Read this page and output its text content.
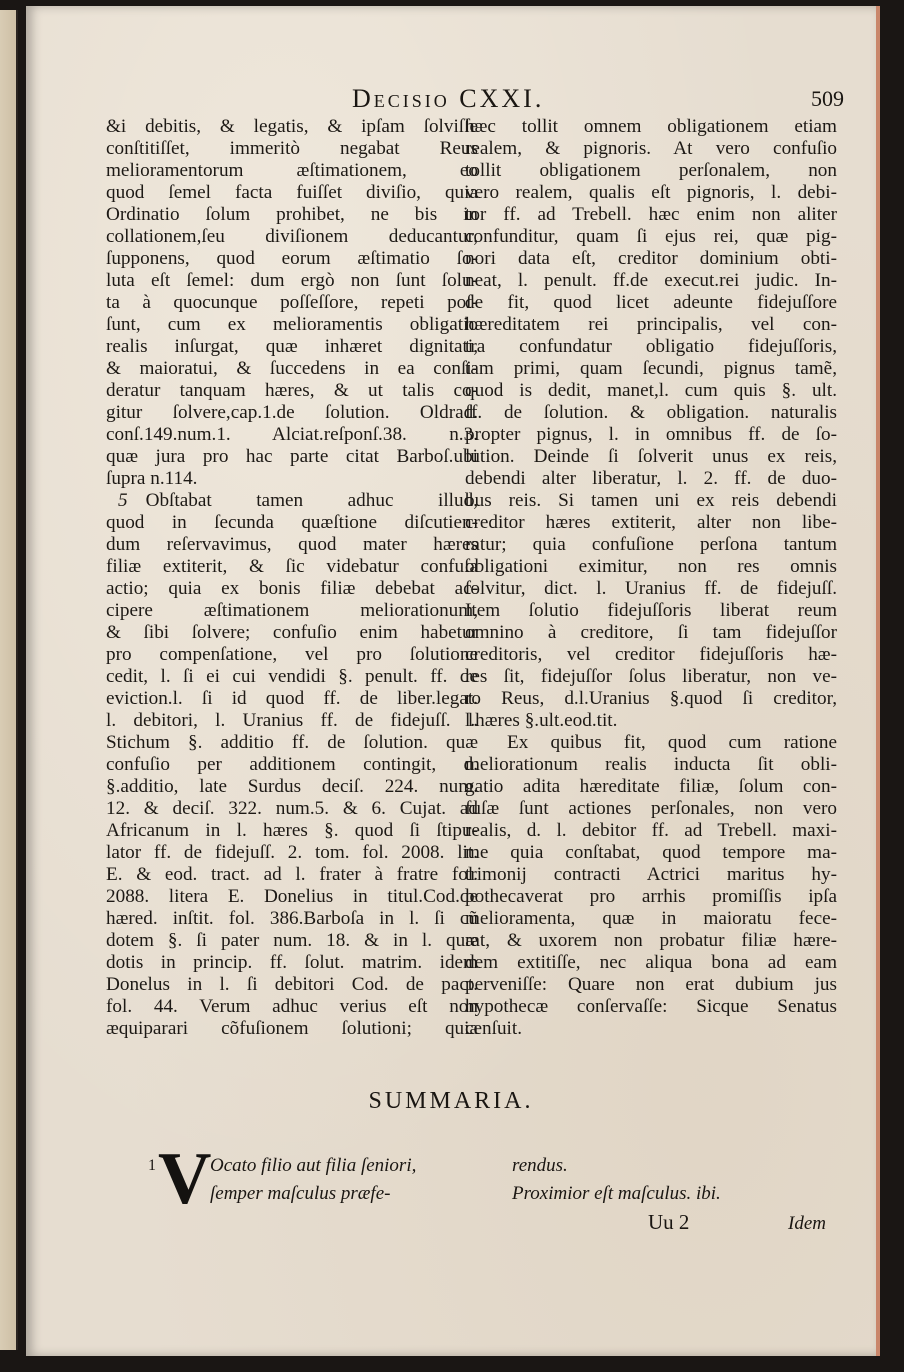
Decisio CXXI.	509
&i debitis, & legatis, & ipſam ſolviſſe
conſtitiſſet, immeritò negabat Reus
melioramentorum æſtimationem, eo
quod ſemel facta fuiſſet diviſio, quia
Ordinatio ſolum prohibet, ne bis in
collationem,ſeu diviſionem deducantur,
ſupponens, quod eorum æſtimatio ſo-
luta eſt ſemel: dum ergò non ſunt ſolu-
ta à quocunque poſſeſſore, repeti poſ-
ſunt, cum ex melioramentis obligatio
realis inſurgat, quæ inhæret dignitati,
& maioratui, & ſuccedens in ea conſi-
deratur tanquam hæres, & ut talis co-
gitur ſolvere,cap.1.de ſolution. Oldrad.
conſ.149.num.1. Alciat.reſponſ.38. n.3.
quæ jura pro hac parte citat Barboſ.ubi
ſupra n.114.
5 Obſtabat tamen adhuc illud,
quod in ſecunda quæſtione diſcutien-
dum reſervavimus, quod mater hæres
filiæ extiterit, & ſic videbatur confuſa
actio; quia ex bonis filiæ debebat ac-
cipere æſtimationem meliorationum,
& ſibi ſolvere; confuſio enim habetur
pro compenſatione, vel pro ſolutione
cedit, l. ſi ei cui vendidi §. penult. ff. de
eviction.l. ſi id quod ff. de liber.legat.
l. debitori, l. Uranius ff. de fidejuſſ. l.
Stichum §. additio ff. de ſolution. quæ
confuſio per additionem contingit, d.
§.additio, late Surdus deciſ. 224. num.
12. & deciſ. 322. num.5. & 6. Cujat. ad
Africanum in l. hæres §. quod ſi ſtipu-
lator ff. de fidejuſſ. 2. tom. fol. 2008. lit.
E. & eod. tract. ad l. frater à fratre fol.
2088. litera E. Donelius in titul.Cod.de
hæred. inſtit. fol. 386.Barboſa in l. ſi cũ
dotem §. ſi pater num. 18. & in l. quæ
dotis in princip. ff. ſolut. matrim. idem
Donelus in l. ſi debitori Cod. de pact.
fol. 44. Verum adhuc verius eſt non
æquiparari cõfuſionem ſolutioni; quia
hæc tollit omnem obligationem etiam
realem, & pignoris. At vero confuſio
tollit obligationem perſonalem, non
vero realem, qualis eſt pignoris, l. debi-
tor ff. ad Trebell. hæc enim non aliter
confunditur, quam ſi ejus rei, quæ pig-
nori data eſt, creditor dominium obti-
neat, l. penult. ff.de execut.rei judic. In-
de fit, quod licet adeunte fidejuſſore
hæreditatem rei principalis, vel con-
tra confundatur obligatio fidejuſſoris,
tam primi, quam ſecundi, pignus tamẽ,
quod is dedit, manet,l. cum quis §. ult.
ff. de ſolution. & obligation. naturalis
propter pignus, l. in omnibus ff. de ſo-
lution. Deinde ſi ſolverit unus ex reis,
debendi alter liberatur, l. 2. ff. de duo-
bus reis. Si tamen uni ex reis debendi
creditor hæres extiterit, alter non libe-
ratur; quia confuſione perſona tantum
obligationi eximitur, non res omnis
ſolvitur, dict. l. Uranius ff. de fidejuſſ.
Item ſolutio fidejuſſoris liberat reum
omnino à creditore, ſi tam fidejuſſor
creditoris, vel creditor fidejuſſoris hæ-
res ſit, fidejuſſor ſolus liberatur, non ve-
ro Reus, d.l.Uranius §.quod ſi creditor,
l.hæres §.ult.eod.tit.
Ex quibus fit, quod cum ratione
meliorationum realis inducta ſit obli-
gatio adita hæreditate filiæ, ſolum con-
fuſæ ſunt actiones perſonales, non vero
realis, d. l. debitor ff. ad Trebell. maxi-
me quia conſtabat, quod tempore ma-
trimonij contracti Actrici maritus hy-
pothecaverat pro arrhis promiſſis ipſa
melioramenta, quæ in maioratu fece-
rat, & uxorem non probatur filiæ hære-
dem extitiſſe, nec aliqua bona ad eam
perveniſſe: Quare non erat dubium jus
hypothecæ conſervaſſe: Sicque Senatus
cenſuit.
SUMMARIA.
1 V
Ocato filio aut filia ſeniori,
ſemper maſculus præfe-
rendus.
Proximior eſt maſculus. ibi.
Uu 2	Idem
